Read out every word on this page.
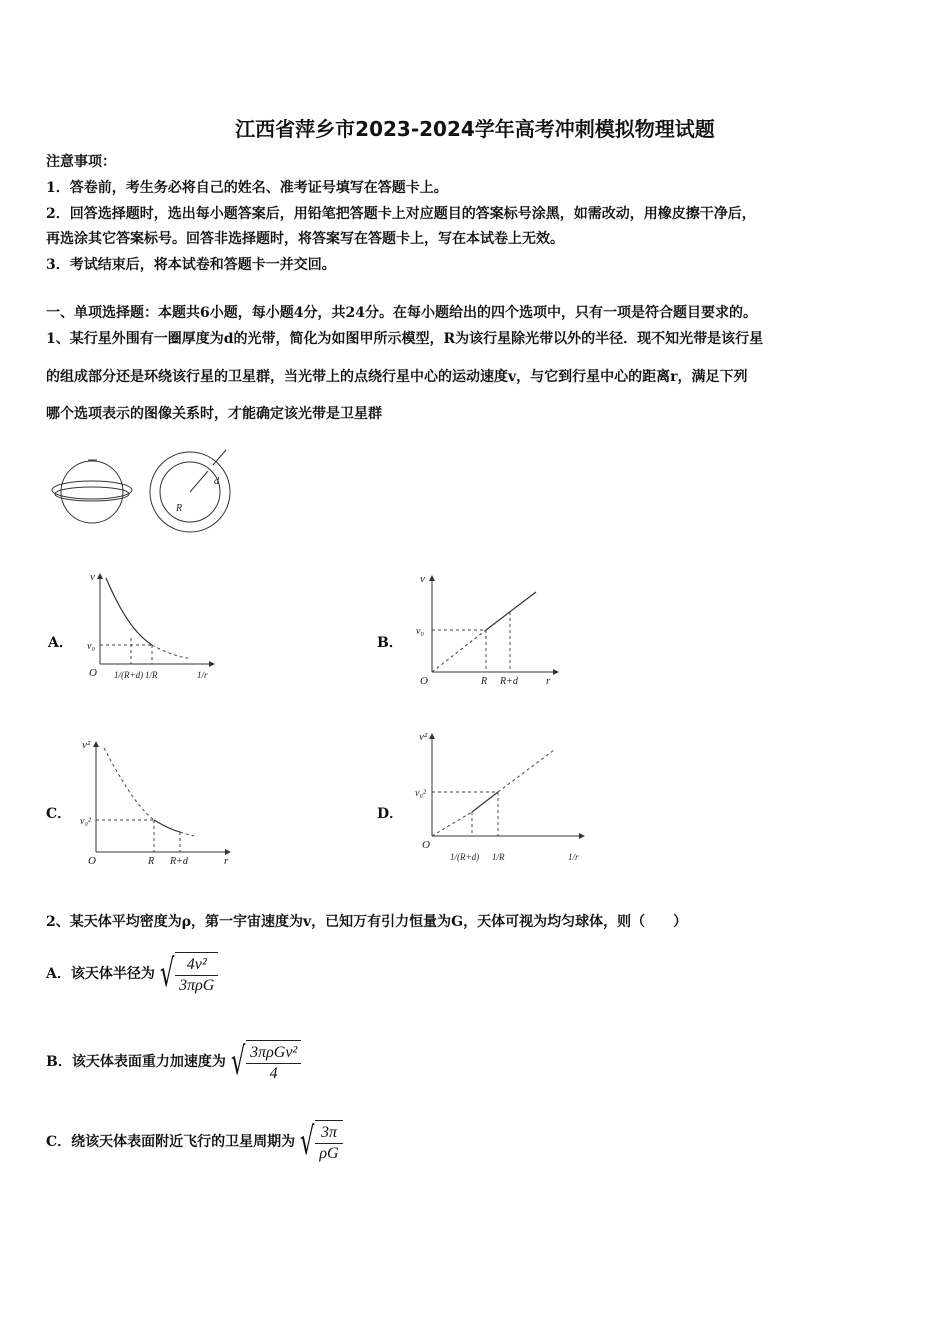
江西省萍乡市2023-2024学年高考冲刺模拟物理试题
注意事项：
1．答卷前，考生务必将自己的姓名、准考证号填写在答题卡上。
2．回答选择题时，选出每小题答案后，用铅笔把答题卡上对应题目的答案标号涂黑，如需改动，用橡皮擦干净后，
再选涂其它答案标号。回答非选择题时，将答案写在答题卡上，写在本试卷上无效。
3．考试结束后，将本试卷和答题卡一并交回。
一、单项选择题：本题共6小题，每小题4分，共24分。在每小题给出的四个选项中，只有一项是符合题目要求的。
1、某行星外围有一圈厚度为d的光带，简化为如图甲所示模型，R为该行星除光带以外的半径．现不知光带是该行星
的组成部分还是环绕该行星的卫星群，当光带上的点绕行星中心的运动速度v，与它到行星中心的距离r，满足下列
哪个选项表示的图像关系时，才能确定该光带是卫星群
R
d
A．	B．
C．	D．
v
v₀
O 1/(R+d) 1/R	1/r
v
v₀
O	R R+d	r
v²
v₀²
O	R R+d	r
v²
v₀²
O
1/(R+d) 1/R	1/r
2、某天体平均密度为ρ，第一宇宙速度为v，已知万有引力恒量为G，天体可视为均匀球体，则（　　）
A． 该天体半径为 √ $\frac{\text{4v²}}{\text{3πρG}}$
B． 该天体表面重力加速度为 √ $\frac{\text{3πρGv²}}{4}$
C． 绕该天体表面附近飞行的卫星周期为 √ $\frac{3\pi}{\rho G}$
